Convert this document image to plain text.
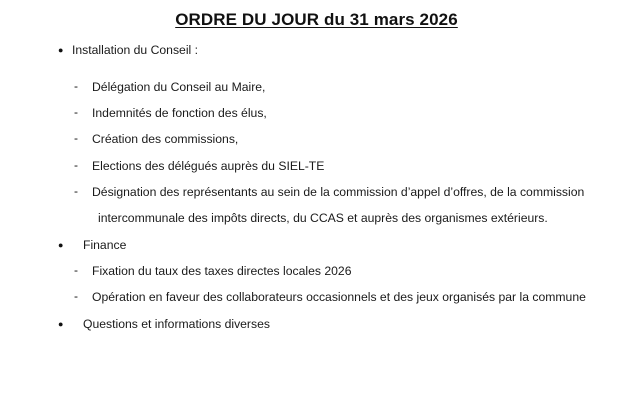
ORDRE DU JOUR du 31 mars 2026
● Installation du Conseil :
- Délégation du Conseil au Maire,
- Indemnités de fonction des élus,
- Création des commissions,
- Elections des délégués auprès du SIEL-TE
- Désignation des représentants au sein de la commission d’appel d’offres, de la commission
intercommunale des impôts directs, du CCAS et auprès des organismes extérieurs.
● Finance
- Fixation du taux des taxes directes locales 2026
- Opération en faveur des collaborateurs occasionnels et des jeux organisés par la commune
● Questions et informations diverses
